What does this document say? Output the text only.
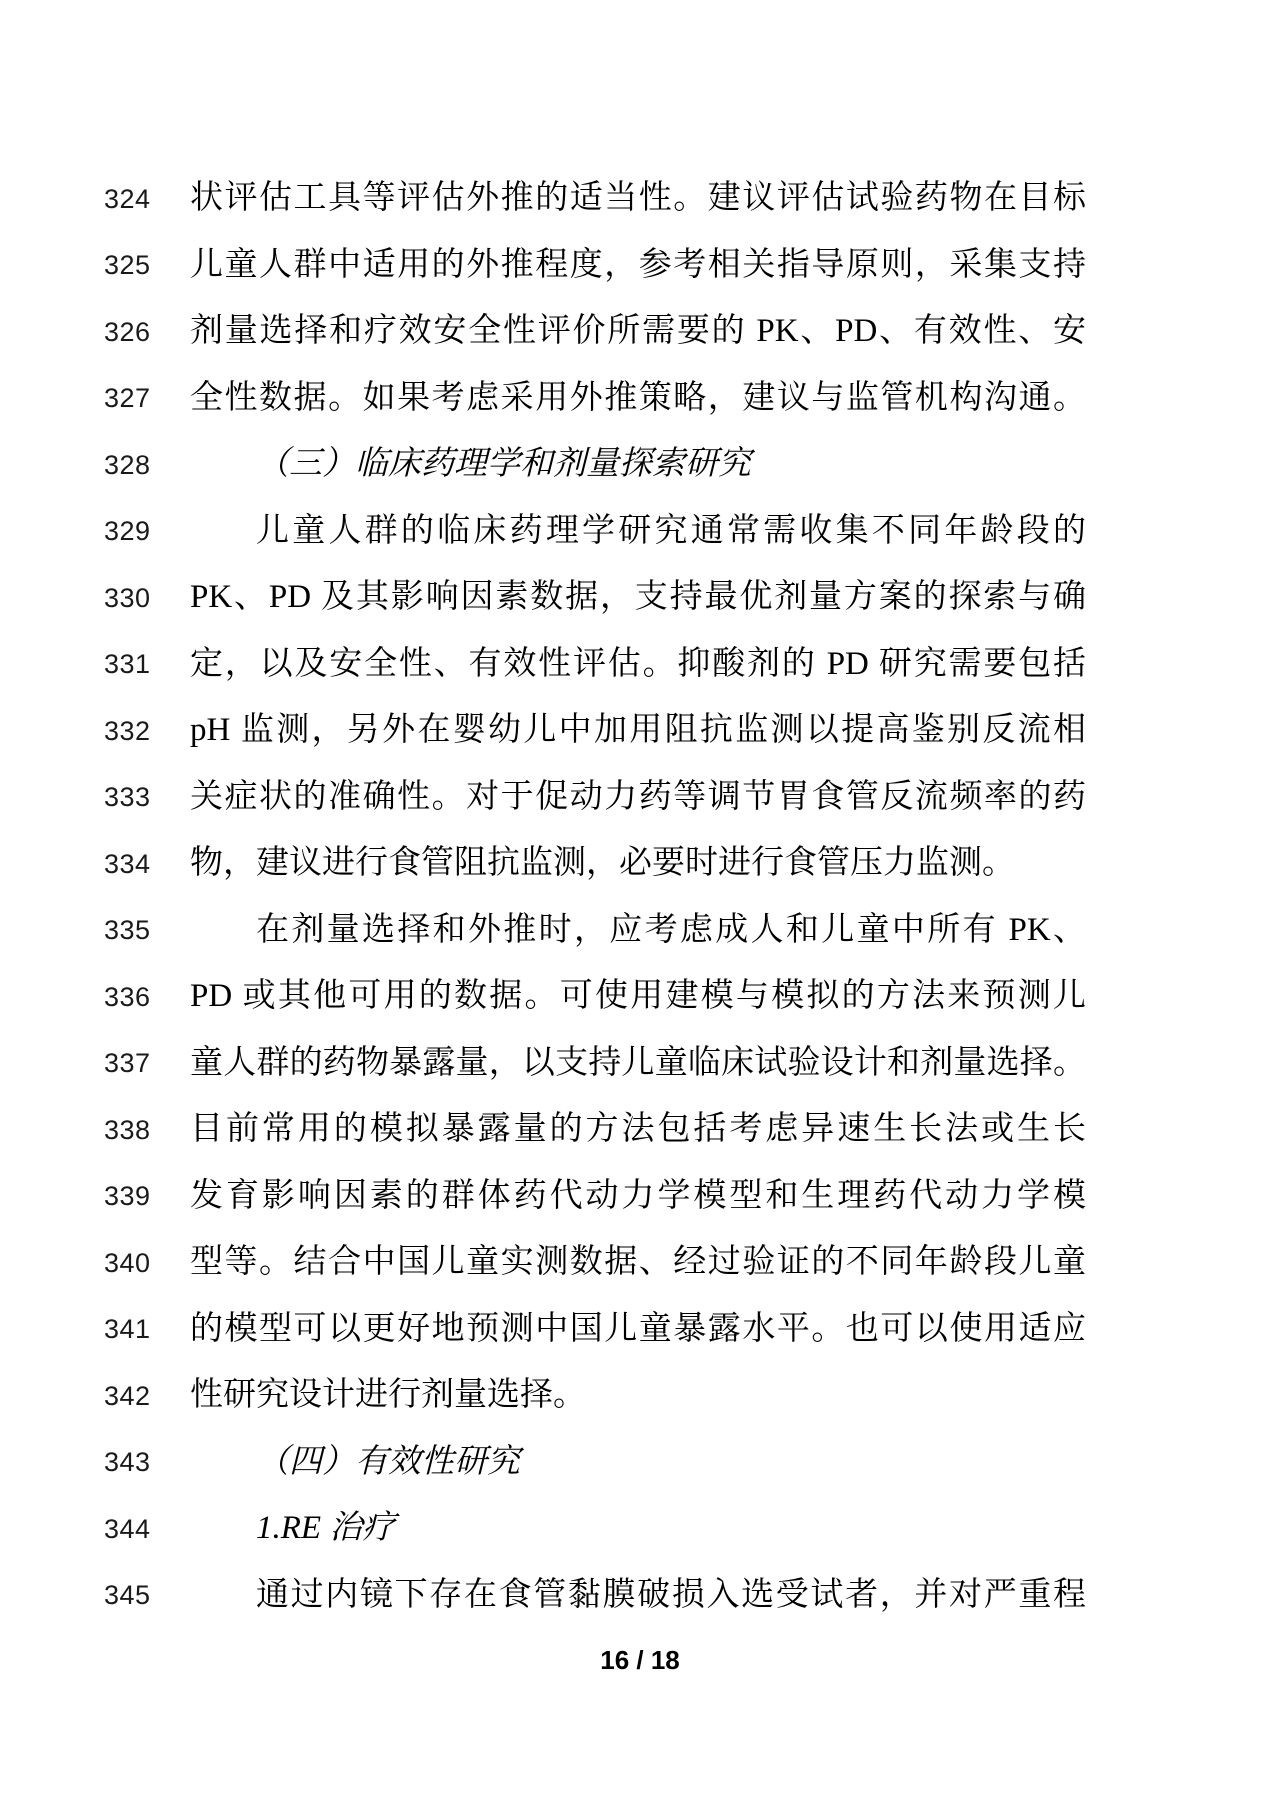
324 状评估工具等评估外推的适当性。建议评估试验药物在目标
325 儿童人群中适用的外推程度，参考相关指导原则，采集支持
326 剂量选择和疗效安全性评价所需要的 PK、PD、有效性、安
327 全性数据。如果考虑采用外推策略，建议与监管机构沟通。
328	（三）临床药理学和剂量探索研究
329	儿童人群的临床药理学研究通常需收集不同年龄段的
330 PK、PD 及其影响因素数据，支持最优剂量方案的探索与确
331 定，以及安全性、有效性评估。抑酸剂的 PD 研究需要包括
332 pH 监测，另外在婴幼儿中加用阻抗监测以提高鉴别反流相
333 关症状的准确性。对于促动力药等调节胃食管反流频率的药
334 物，建议进行食管阻抗监测，必要时进行食管压力监测。
335	在剂量选择和外推时，应考虑成人和儿童中所有 PK、
336 PD 或其他可用的数据。可使用建模与模拟的方法来预测儿
337 童人群的药物暴露量，以支持儿童临床试验设计和剂量选择。
338 目前常用的模拟暴露量的方法包括考虑异速生长法或生长
339 发育影响因素的群体药代动力学模型和生理药代动力学模
340 型等。结合中国儿童实测数据、经过验证的不同年龄段儿童
341 的模型可以更好地预测中国儿童暴露水平。也可以使用适应
342 性研究设计进行剂量选择。
343	（四）有效性研究
344	1.RE 治疗
345	通过内镜下存在食管黏膜破损入选受试者，并对严重程
16 / 18
